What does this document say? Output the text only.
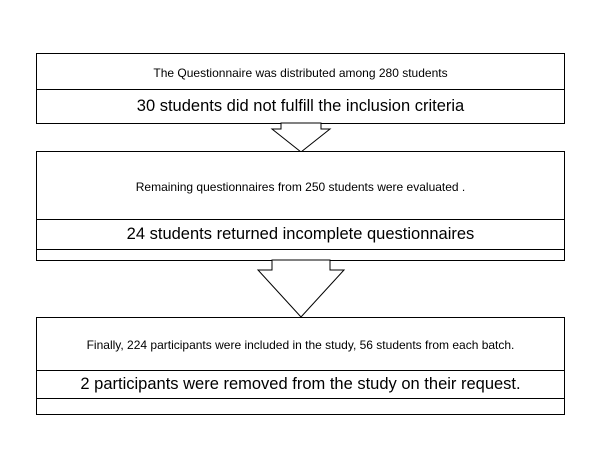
The Questionnaire was distributed among 280 students
30 students did not fulfill the inclusion criteria
Remaining questionnaires from 250 students were evaluated .
24 students returned incomplete questionnaires
Finally, 224 participants were included in the study, 56 students from each batch.
2 participants were removed from the study on their request.
